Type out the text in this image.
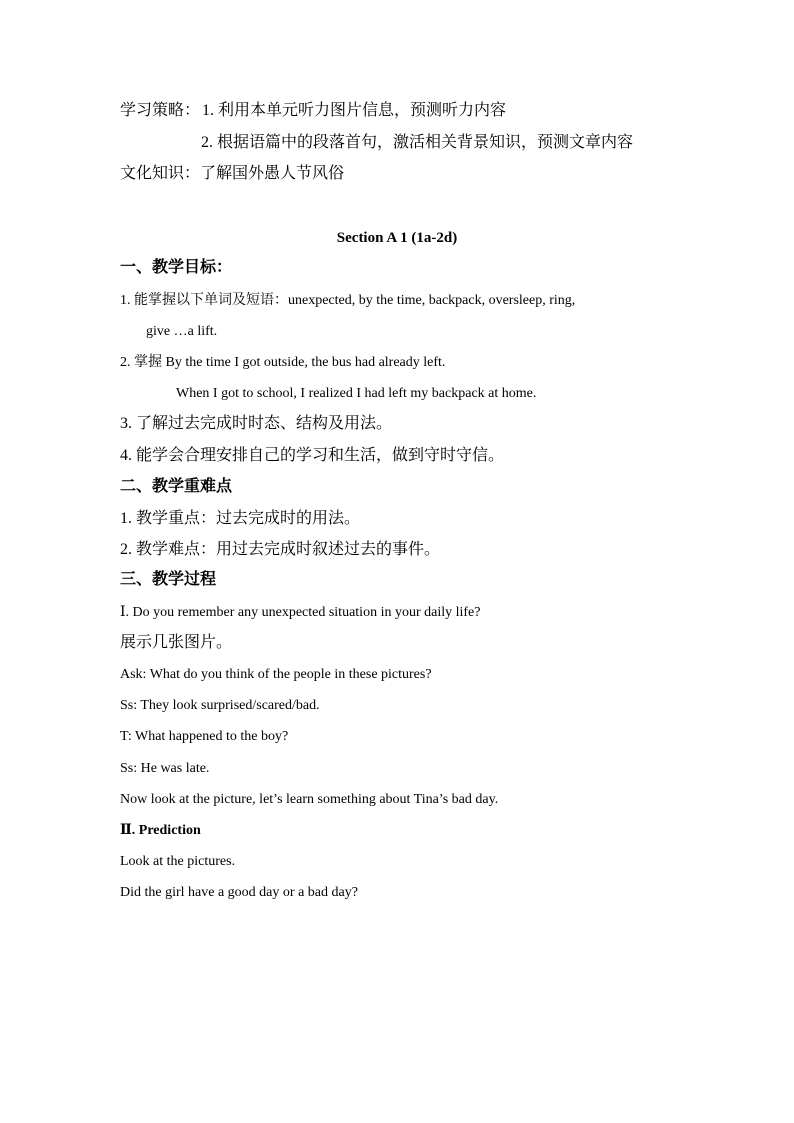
学习策略： 1. 利用本单元听力图片信息，预测听力内容
2. 根据语篇中的段落首句，激活相关背景知识，预测文章内容
文化知识：了解国外愚人节风俗
Section A 1 (1a-2d)
一、教学目标：
1. 能掌握以下单词及短语：unexpected, by the time, backpack, oversleep, ring,
give …a lift.
2. 掌握 By the time I got outside, the bus had already left.
When I got to school, I realized I had left my backpack at home.
3. 了解过去完成时时态、结构及用法。
4. 能学会合理安排自己的学习和生活，做到守时守信。
二、教学重难点
1. 教学重点：过去完成时的用法。
2. 教学难点：用过去完成时叙述过去的事件。
三、教学过程
Ⅰ. Do you remember any unexpected situation in your daily life?
展示几张图片。
Ask: What do you think of the people in these pictures?
Ss: They look surprised/scared/bad.
T: What happened to the boy?
Ss: He was late.
Now look at the picture, let’s learn something about Tina’s bad day.
Ⅱ. Prediction
Look at the pictures.
Did the girl have a good day or a bad day?
